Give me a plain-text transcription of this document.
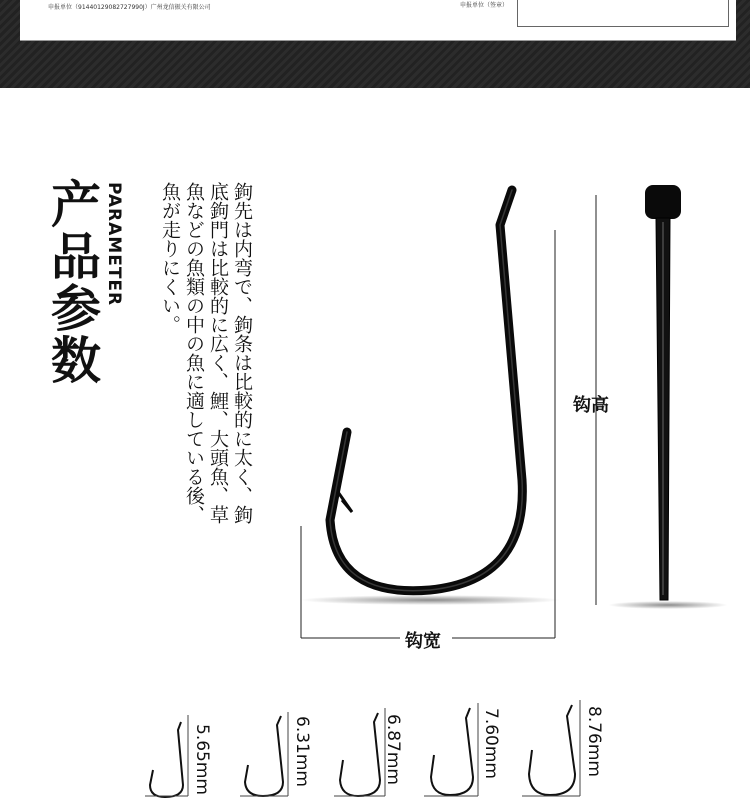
申报单位（91440129082727990J）广州龙信振关有限公司	申报单位（签章）
产品参数 PARAMETER	鉤先は内弯で、鉤条は比較的に太く、鉤底鉤門は比較的に広く、鯉、大頭魚、草魚などの魚類の中の魚に適している後、魚が走りにくい。
钩高
钩宽
5.65mm	6.31mm	6.87mm	7.60mm	8.76mm
